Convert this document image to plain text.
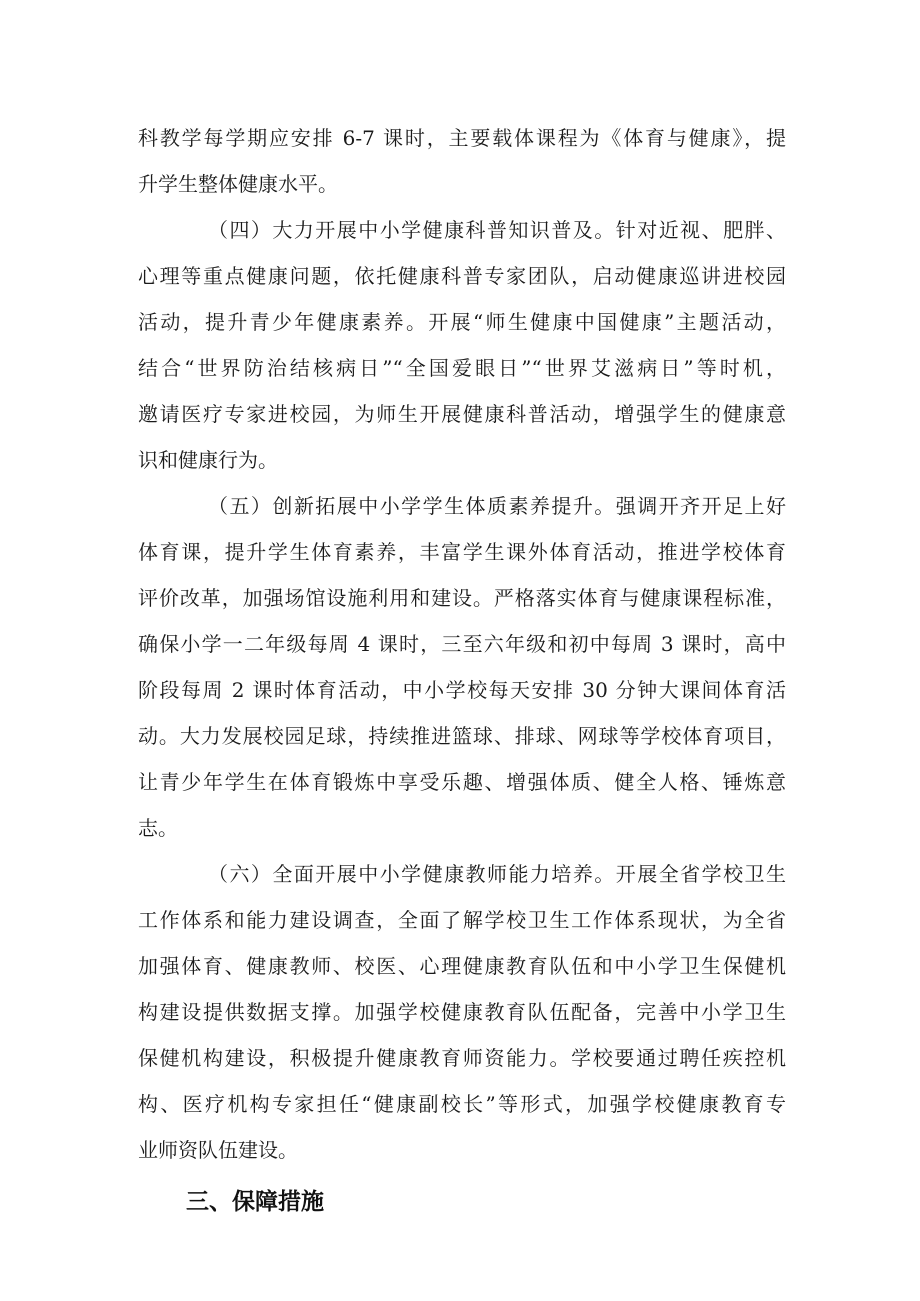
科教学每学期应安排 6-7 课时，主要载体课程为《体育与健康》，提
升学生整体健康水平。
（四）大力开展中小学健康科普知识普及。针对近视、肥胖、
心理等重点健康问题，依托健康科普专家团队，启动健康巡讲进校园
活动，提升青少年健康素养。开展“师生健康中国健康”主题活动，
结合“世界防治结核病日”“全国爱眼日”“世界艾滋病日”等时机，
邀请医疗专家进校园，为师生开展健康科普活动，增强学生的健康意
识和健康行为。
（五）创新拓展中小学学生体质素养提升。强调开齐开足上好
体育课，提升学生体育素养，丰富学生课外体育活动，推进学校体育
评价改革，加强场馆设施利用和建设。严格落实体育与健康课程标准，
确保小学一二年级每周 4 课时，三至六年级和初中每周 3 课时，高中
阶段每周 2 课时体育活动，中小学校每天安排 30 分钟大课间体育活
动。大力发展校园足球，持续推进篮球、排球、网球等学校体育项目，
让青少年学生在体育锻炼中享受乐趣、增强体质、健全人格、锤炼意
志。
（六）全面开展中小学健康教师能力培养。开展全省学校卫生
工作体系和能力建设调查，全面了解学校卫生工作体系现状，为全省
加强体育、健康教师、校医、心理健康教育队伍和中小学卫生保健机
构建设提供数据支撑。加强学校健康教育队伍配备，完善中小学卫生
保健机构建设，积极提升健康教育师资能力。学校要通过聘任疾控机
构、医疗机构专家担任“健康副校长”等形式，加强学校健康教育专
业师资队伍建设。
三、保障措施
